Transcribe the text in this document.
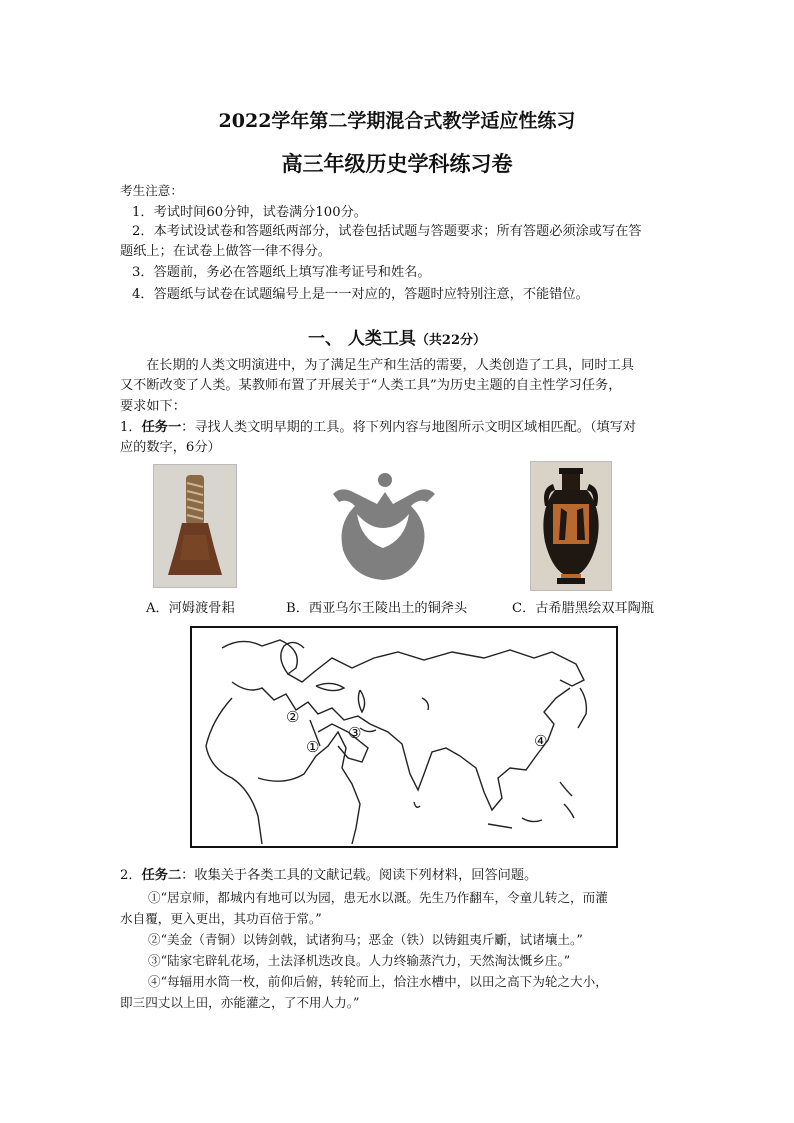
2022学年第二学期混合式教学适应性练习
高三年级历史学科练习卷
考生注意：
1．考试时间60分钟，试卷满分100分。
2．本考试设试卷和答题纸两部分，试卷包括试题与答题要求；所有答题必须涂或写在答
题纸上；在试卷上做答一律不得分。
3．答题前，务必在答题纸上填写准考证号和姓名。
4．答题纸与试卷在试题编号上是一一对应的，答题时应特别注意，不能错位。
一、 人类工具（共22分）
在长期的人类文明演进中，为了满足生产和生活的需要，人类创造了工具，同时工具
又不断改变了人类。某教师布置了开展关于“人类工具”为历史主题的自主性学习任务，
要求如下：
1．任务一：寻找人类文明早期的工具。将下列内容与地图所示文明区域相匹配。（填写对
应的数字，6分）
A．河姆渡骨耜	B．西亚乌尔王陵出土的铜斧头	C．古希腊黑绘双耳陶瓶
②
③
①	④
2．任务二：收集关于各类工具的文献记载。阅读下列材料，回答问题。
①“居京师，都城内有地可以为园，患无水以溉。先生乃作翻车，令童儿转之，而灌
水自覆，更入更出，其功百倍于常。”
②“美金（青铜）以铸剑戟，试诸狗马；恶金（铁）以铸鉏夷斤斸，试诸壤土。”
③“陆家宅辟轧花场，土法泽机迭改良。人力终输蒸汽力，天然淘汰慨乡庄。”
④“每辐用水筒一枚，前仰后俯，转轮而上，恰注水槽中，以田之高下为轮之大小，
即三四丈以上田，亦能灌之，了不用人力。”
